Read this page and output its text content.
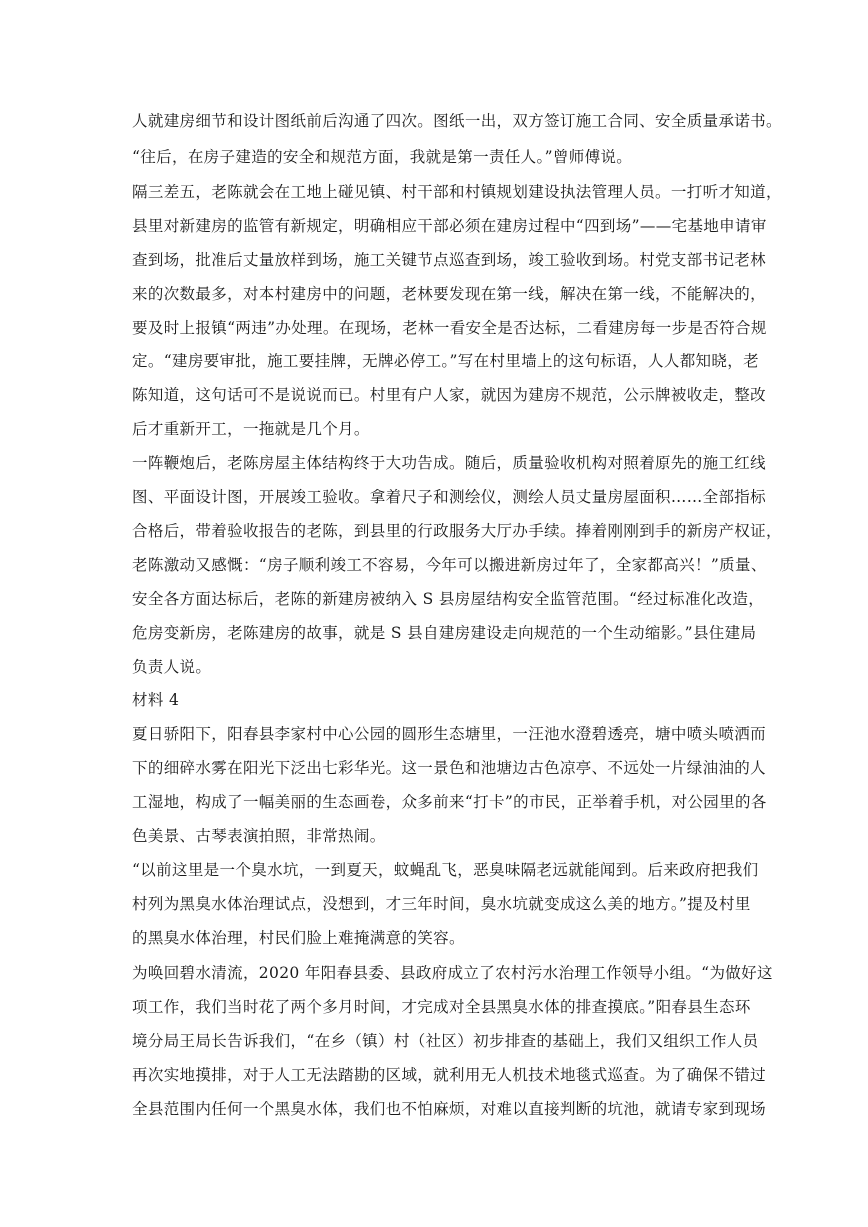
人就建房细节和设计图纸前后沟通了四次。图纸一出，双方签订施工合同、安全质量承诺书。
“往后，在房子建造的安全和规范方面，我就是第一责任人。”曾师傅说。
隔三差五，老陈就会在工地上碰见镇、村干部和村镇规划建设执法管理人员。一打听才知道，
县里对新建房的监管有新规定，明确相应干部必须在建房过程中“四到场”——宅基地申请审
查到场，批准后丈量放样到场，施工关键节点巡查到场，竣工验收到场。村党支部书记老林
来的次数最多，对本村建房中的问题，老林要发现在第一线，解决在第一线，不能解决的，
要及时上报镇“两违”办处理。在现场，老林一看安全是否达标，二看建房每一步是否符合规
定。“建房要审批，施工要挂牌，无牌必停工。”写在村里墙上的这句标语，人人都知晓，老
陈知道，这句话可不是说说而已。村里有户人家，就因为建房不规范，公示牌被收走，整改
后才重新开工，一拖就是几个月。
一阵鞭炮后，老陈房屋主体结构终于大功告成。随后，质量验收机构对照着原先的施工红线
图、平面设计图，开展竣工验收。拿着尺子和测绘仪，测绘人员丈量房屋面积……全部指标
合格后，带着验收报告的老陈，到县里的行政服务大厅办手续。捧着刚刚到手的新房产权证，
老陈激动又感慨：“房子顺利竣工不容易，今年可以搬进新房过年了，全家都高兴！”质量、
安全各方面达标后，老陈的新建房被纳入 S 县房屋结构安全监管范围。“经过标准化改造，
危房变新房，老陈建房的故事，就是 S 县自建房建设走向规范的一个生动缩影。”县住建局
负责人说。
材料 4
夏日骄阳下，阳春县李家村中心公园的圆形生态塘里，一汪池水澄碧透亮，塘中喷头喷洒而
下的细碎水雾在阳光下泛出七彩华光。这一景色和池塘边古色凉亭、不远处一片绿油油的人
工湿地，构成了一幅美丽的生态画卷，众多前来“打卡”的市民，正举着手机，对公园里的各
色美景、古琴表演拍照，非常热闹。
“以前这里是一个臭水坑，一到夏天，蚊蝇乱飞，恶臭味隔老远就能闻到。后来政府把我们
村列为黑臭水体治理试点，没想到，才三年时间，臭水坑就变成这么美的地方。”提及村里
的黑臭水体治理，村民们脸上难掩满意的笑容。
为唤回碧水清流，2020 年阳春县委、县政府成立了农村污水治理工作领导小组。“为做好这
项工作，我们当时花了两个多月时间，才完成对全县黑臭水体的排查摸底。”阳春县生态环
境分局王局长告诉我们，“在乡（镇）村（社区）初步排查的基础上，我们又组织工作人员
再次实地摸排，对于人工无法踏勘的区域，就利用无人机技术地毯式巡查。为了确保不错过
全县范围内任何一个黑臭水体，我们也不怕麻烦，对难以直接判断的坑池，就请专家到现场
